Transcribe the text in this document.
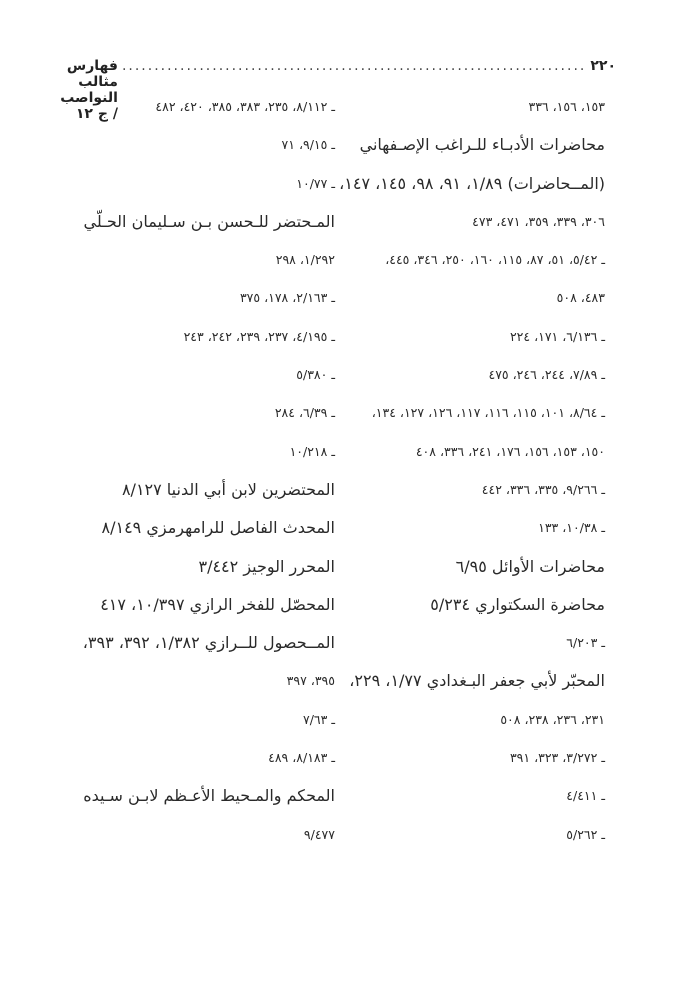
٢٢٠
........................................................................
فهارس مثالب النواصب / ج ١٢	١٥٣، ١٥٦، ٣٣٦
محاضرات الأدبـاء للـراغب الإصـفهاني
(المــحاضرات) ١/٨٩، ٩١، ٩٨، ١٤٥، ١٤٧،
٣٠٦، ٣٣٩، ٣٥٩، ٤٧١، ٤٧٣
ـ ٥/٤٢، ٥١، ٨٧، ١١٥، ١٦٠، ٢٥٠، ٣٤٦، ٤٤٥،
٤٨٣، ٥٠٨
ـ ٦/١٣٦، ١٧١، ٢٢٤
ـ ٧/٨٩، ٢٤٤، ٢٤٦، ٤٧٥
ـ ٨/٦٤، ١٠١، ١١٥، ١١٦، ١١٧، ١٢٦، ١٢٧، ١٣٤،
١٥٠، ١٥٣، ١٥٦، ١٧٦، ٢٤١، ٣٣٦، ٤٠٨
ـ ٩/٢٦٦، ٣٣٥، ٣٣٦، ٤٤٢
ـ ١٠/٣٨، ١٣٣
محاضرات الأوائل ٦/٩٥
محاضرة السكتواري ٥/٢٣٤
ـ ٦/٢٠٣
المحبّر لأبي جعفر البـغدادي ١/٧٧، ٢٢٩،
٢٣١، ٢٣٦، ٢٣٨، ٥٠٨
ـ ٣/٢٧٢، ٣٢٣، ٣٩١
ـ ٤/٤١١
ـ ٥/٢٦٢
ـ ٨/١١٢، ٢٣٥، ٣٨٣، ٣٨٥، ٤٢٠، ٤٨٢
ـ ٩/١٥، ٧١
ـ ١٠/٧٧
المـحتضر للـحسن بـن سـليمان الحـلّي
١/٢٩٢، ٢٩٨
ـ ٢/١٦٣، ١٧٨، ٣٧٥
ـ ٤/١٩٥، ٢٣٧، ٢٣٩، ٢٤٢، ٢٤٣
ـ ٥/٣٨٠
ـ ٦/٣٩، ٢٨٤
ـ ١٠/٢١٨
المحتضرين لابن أبي الدنيا ٨/١٢٧
المحدث الفاصل للرامهرمزي ٨/١٤٩
المحرر الوجيز ٣/٤٤٢
المحصّل للفخر الرازي ١٠/٣٩٧، ٤١٧
المــحصول للــرازي ١/٣٨٢، ٣٩٢، ٣٩٣،
٣٩٥، ٣٩٧
ـ ٧/٦٣
ـ ٨/١٨٣، ٤٨٩
المحكم والمـحيط الأعـظم لابـن سـيده
٩/٤٧٧
